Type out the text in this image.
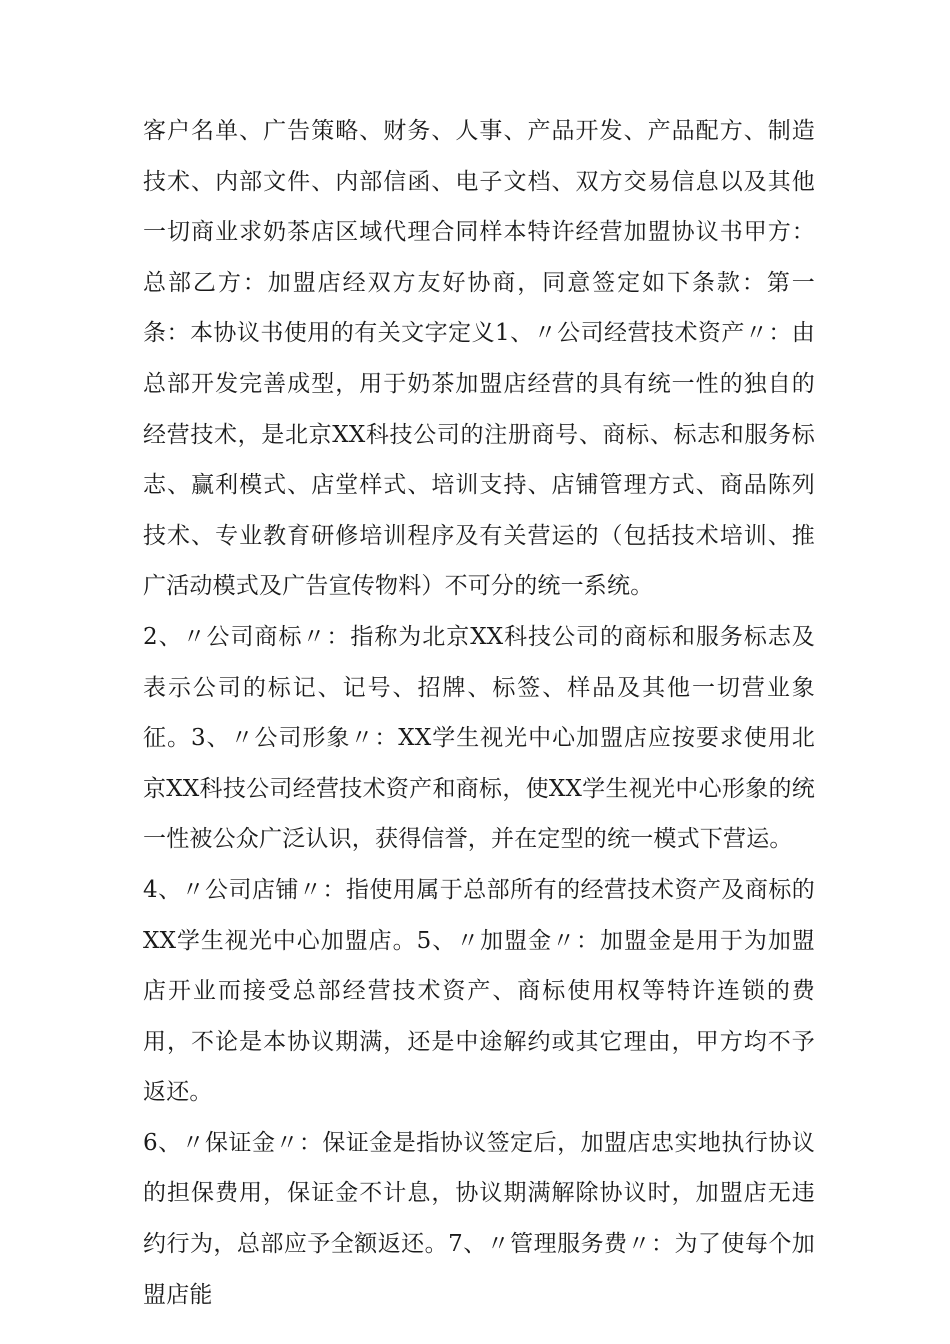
客户名单、广告策略、财务、人事、产品开发、产品配方、制造技术、内部文件、内部信函、电子文档、双方交易信息以及其他一切商业求奶茶店区域代理合同样本特许经营加盟协议书甲方：总部乙方：加盟店经双方友好协商，同意签定如下条款：第一条：本协议书使用的有关文字定义1、〃公司经营技术资产〃：由总部开发完善成型，用于奶茶加盟店经营的具有统一性的独自的经营技术，是北京XX科技公司的注册商号、商标、标志和服务标志、赢利模式、店堂样式、培训支持、店铺管理方式、商品陈列技术、专业教育研修培训程序及有关营运的（包括技术培训、推广活动模式及广告宣传物料）不可分的统一系统。

2、〃公司商标〃：指称为北京XX科技公司的商标和服务标志及表示公司的标记、记号、招牌、标签、样品及其他一切营业象征。3、〃公司形象〃：XX学生视光中心加盟店应按要求使用北京XX科技公司经营技术资产和商标，使XX学生视光中心形象的统一性被公众广泛认识，获得信誉，并在定型的统一模式下营运。

4、〃公司店铺〃：指使用属于总部所有的经营技术资产及商标的XX学生视光中心加盟店。5、〃加盟金〃：加盟金是用于为加盟店开业而接受总部经营技术资产、商标使用权等特许连锁的费用，不论是本协议期满，还是中途解约或其它理由，甲方均不予返还。

6、〃保证金〃：保证金是指协议签定后，加盟店忠实地执行协议的担保费用，保证金不计息，协议期满解除协议时，加盟店无违约行为，总部应予全额返还。7、〃管理服务费〃：为了使每个加盟店能
